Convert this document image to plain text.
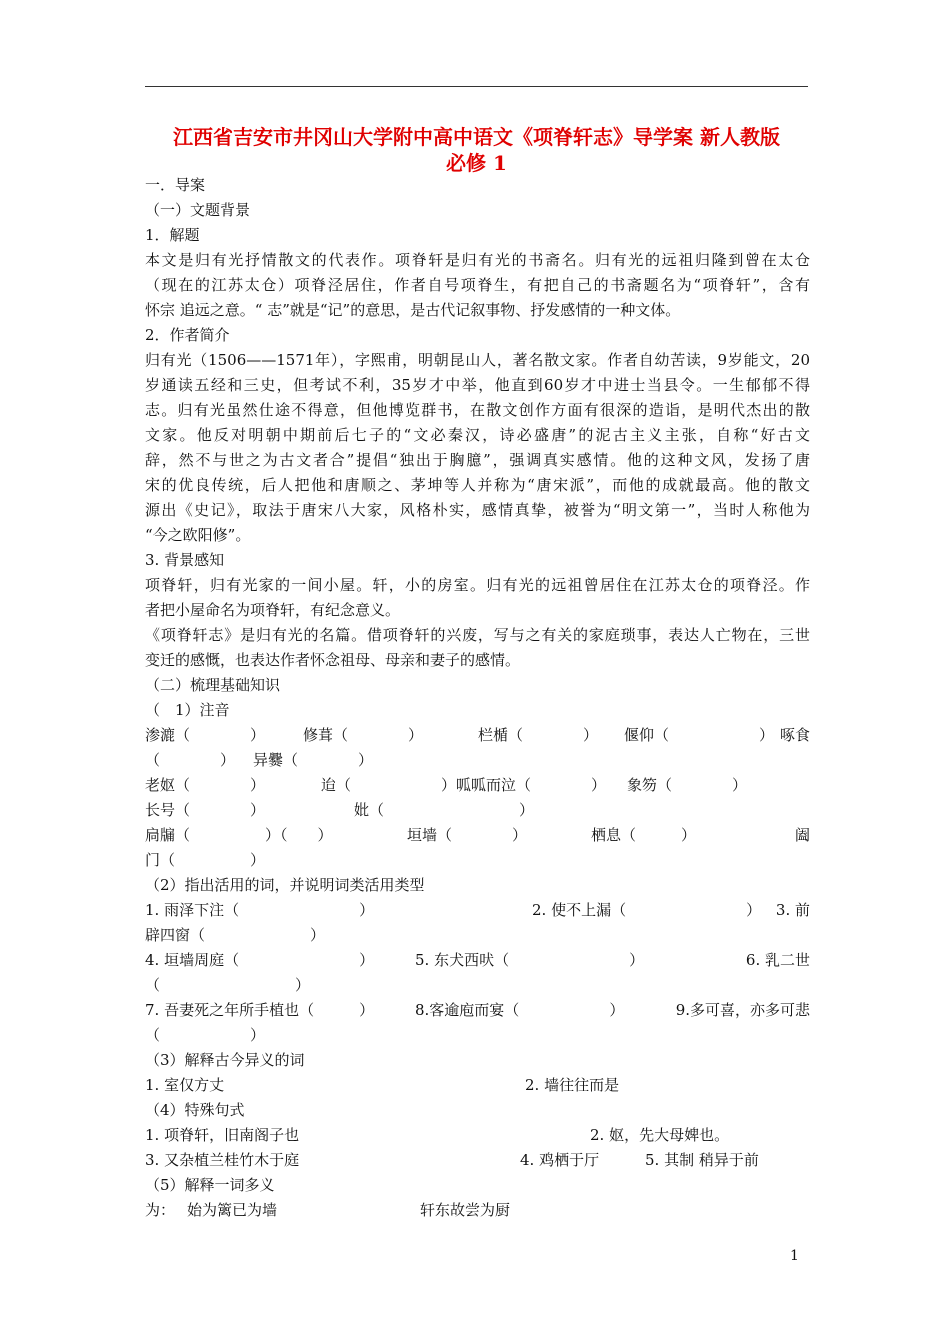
江西省吉安市井冈山大学附中高中语文《项脊轩志》导学案 新人教版
必修 1
一．导案
（一）文题背景
1．解题
本文是归有光抒情散文的代表作。项脊轩是归有光的书斋名。归有光的远祖归隆到曾在太仓
（现在的江苏太仓）项脊泾居住，作者自号项脊生，有把自己的书斋题名为“项脊轩”，含有
怀宗 追远之意。“ 志”就是“记”的意思，是古代记叙事物、抒发感情的一种文体。
2．作者简介
归有光（1506——1571年），字熙甫，明朝昆山人，著名散文家。作者自幼苦读，9岁能文，20
岁通读五经和三史，但考试不利，35岁才中举，他直到60岁才中进士当县令。一生郁郁不得
志。归有光虽然仕途不得意，但他博览群书，在散文创作方面有很深的造诣，是明代杰出的散
文家。他反对明朝中期前后七子的“文必秦汉，诗必盛唐”的泥古主义主张，自称“好古文
辞，然不与世之为古文者合”提倡“独出于胸臆”，强调真实感情。他的这种文风，发扬了唐
宋的优良传统，后人把他和唐顺之、茅坤等人并称为“唐宋派”，而他的成就最高。他的散文
源出《史记》，取法于唐宋八大家，风格朴实，感情真挚，被誉为“明文第一”，当时人称他为
“今之欧阳修”。
3. 背景感知
项脊轩，归有光家的一间小屋。轩，小的房室。归有光的远祖曾居住在江苏太仓的项脊泾。作
者把小屋命名为项脊轩，有纪念意义。
《项脊轩志》是归有光的名篇。借项脊轩的兴废，写与之有关的家庭琐事，表达人亡物在，三世
变迁的感慨，也表达作者怀念祖母、母亲和妻子的感情。
（二）梳理基础知识
（　1）注音
渗漉（　　　　）	修葺（　　　　）	栏楯（　　　　） 偃仰（　　　　　　） 啄食
（　　　　） 异爨（　　　　）
老妪（　　　　）	迨（　　　　　　）呱呱而泣（　　　　） 象笏（　　　　）
长号（　　　　）	妣（　　　　　　　　　）
扃牖（　　　　　）（　　）	垣墙（　　　　）	栖息（　　　）	阖
门（　　　　　）
（2）指出活用的词，并说明词类活用类型
1. 雨泽下注（　　　　　　　　）	2. 使不上漏（　　　　　　　　） 3. 前
辟四窗（　　　　　　　）
4. 垣墙周庭（　　　　　　　　）	5. 东犬西吠（　　　　　　　　）	6. 乳二世
（　　　　　　　　　）
7. 吾妻死之年所手植也（　　　）	8.客逾庖而宴（　　　　　　）	9.多可喜，亦多可悲
（　　　　　　）
（3）解释古今异义的词
1. 室仅方丈	2. 墙往往而是
（4）特殊句式
1. 项脊轩，旧南阁子也	2. 妪，先大母婢也。
3. 又杂植兰桂竹木于庭	4. 鸡栖于厅	5. 其制 稍异于前
（5）解释一词多义
为： 始为篱已为墙	轩东故尝为厨
1
